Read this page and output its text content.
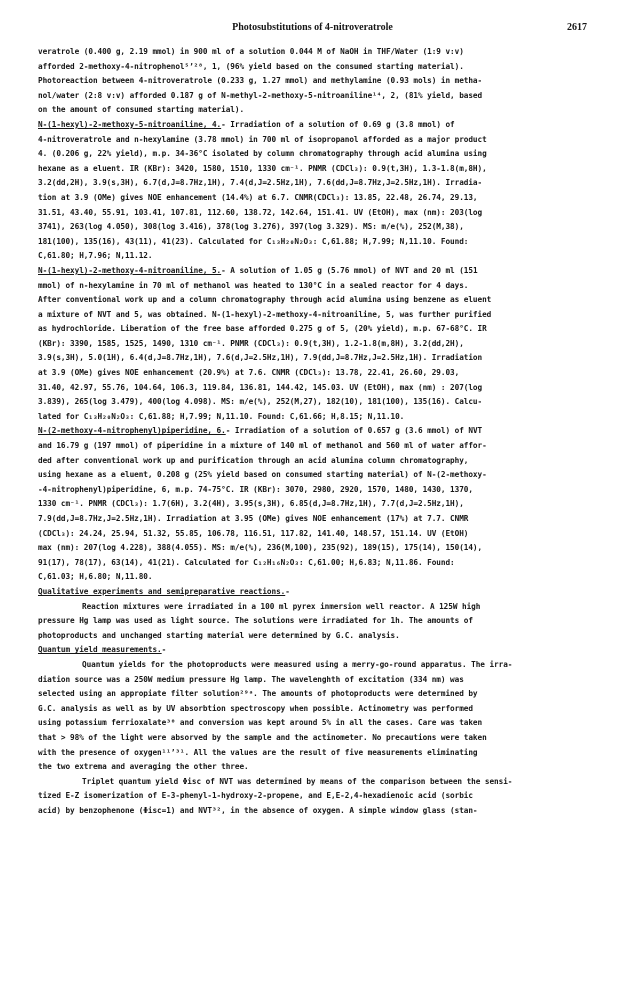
Photosubstitutions of 4-nitroveratrole	2617
veratrole (0.400 g, 2.19 mmol) in 900 ml of a solution 0.044 M of NaOH in THF/Water (1:9 v:v)
afforded 2-methoxy-4-nitrophenol⁵’²⁸, 1, (96% yield based on the consumed starting material).
Photoreaction between 4-nitroveratrole (0.233 g, 1.27 mmol) and methylamine (0.93 mols) in metha-
nol/water (2:8 v:v) afforded 0.187 g of N-methyl-2-methoxy-5-nitroaniline¹⁴, 2, (81% yield, based
on the amount of consumed starting material).
N-(1-hexyl)-2-methoxy-5-nitroaniline, 4.- Irradiation of a solution of 0.69 g (3.8 mmol) of
4-nitroveratrole and n-hexylamine (3.78 mmol) in 700 ml of isopropanol afforded as a major product
4. (0.206 g, 22% yield), m.p. 34-36°C isolated by column chromatography through acid alumina using
hexane as a eluent. IR (KBr): 3420, 1580, 1510, 1330 cm⁻¹. PNMR (CDCl₃): 0.9(t,3H), 1.3-1.8(m,8H),
3.2(dd,2H), 3.9(s,3H), 6.7(d,J=8.7Hz,1H), 7.4(d,J=2.5Hz,1H), 7.6(dd,J=8.7Hz,J=2.5Hz,1H). Irradia-
tion at 3.9 (OMe) gives NOE enhancement (14.4%) at 6.7. CNMR(CDCl₃): 13.85, 22.48, 26.74, 29.13,
31.51, 43.40, 55.91, 103.41, 107.81, 112.60, 138.72, 142.64, 151.41. UV (EtOH), max (nm): 203(log
3741), 263(log 4.050), 308(log 3.416), 378(log 3.276), 397(log 3.329). MS: m/e(%), 252(M,38),
181(100), 135(16), 43(11), 41(23). Calculated for C₁₃H₂₀N₂O₃: C,61.88; H,7.99; N,11.10. Found:
C,61.80; H,7.96; N,11.12.
N-(1-hexyl)-2-methoxy-4-nitroaniline, 5.- A solution of 1.05 g (5.76 mmol) of NVT and 20 ml (151
mmol) of n-hexylamine in 70 ml of methanol was heated to 130°C in a sealed reactor for 4 days.
After conventional work up and a column chromatography through acid alumina using benzene as eluent
a mixture of NVT and 5, was obtained. N-(1-hexyl)-2-methoxy-4-nitroaniline, 5, was further purified
as hydrochloride. Liberation of the free base afforded 0.275 g of 5, (20% yield), m.p. 67-68°C. IR
(KBr): 3390, 1585, 1525, 1490, 1310 cm⁻¹. PNMR (CDCl₃): 0.9(t,3H), 1.2-1.8(m,8H), 3.2(dd,2H),
3.9(s,3H), 5.0(1H), 6.4(d,J=8.7Hz,1H), 7.6(d,J=2.5Hz,1H), 7.9(dd,J=8.7Hz,J=2.5Hz,1H). Irradiation
at 3.9 (OMe) gives NOE enhancement (20.9%) at 7.6. CNMR (CDCl₃): 13.78, 22.41, 26.60, 29.03,
31.40, 42.97, 55.76, 104.64, 106.3, 119.84, 136.81, 144.42, 145.03. UV (EtOH), max (nm) : 207(log
3.839), 265(log 3.479), 400(log 4.098). MS: m/e(%), 252(M,27), 182(10), 181(100), 135(16). Calcu-
lated for C₁₃H₂₀N₂O₃: C,61.88; H,7.99; N,11.10. Found: C,61.66; H,8.15; N,11.10.
N-(2-methoxy-4-nitrophenyl)piperidine, 6.- Irradiation of a solution of 0.657 g (3.6 mmol) of NVT
and 16.79 g (197 mmol) of piperidine in a mixture of 140 ml of methanol and 560 ml of water affor-
ded after conventional work up and purification through an acid alumina column chromatography,
using hexane as a eluent, 0.208 g (25% yield based on consumed starting material) of N-(2-methoxy-
-4-nitrophenyl)piperidine, 6, m.p. 74-75°C. IR (KBr): 3070, 2980, 2920, 1570, 1480, 1430, 1370,
1330 cm⁻¹. PNMR (CDCl₃): 1.7(6H), 3.2(4H), 3.95(s,3H), 6.85(d,J=8.7Hz,1H), 7.7(d,J=2.5Hz,1H),
7.9(dd,J=8.7Hz,J=2.5Hz,1H). Irradiation at 3.95 (OMe) gives NOE enhancement (17%) at 7.7. CNMR
(CDCl₃): 24.24, 25.94, 51.32, 55.85, 106.78, 116.51, 117.82, 141.40, 148.57, 151.14. UV (EtOH)
max (nm): 207(log 4.228), 388(4.055). MS: m/e(%), 236(M,100), 235(92), 189(15), 175(14), 150(14),
91(17), 78(17), 63(14), 41(21). Calculated for C₁₂H₁₆N₂O₃: C,61.00; H,6.83; N,11.86. Found:
C,61.03; H,6.80; N,11.80.
Qualitative experiments and semipreparative reactions.-
Reaction mixtures were irradiated in a 100 ml pyrex inmersion well reactor. A 125W high
pressure Hg lamp was used as light source. The solutions were irradiated for 1h. The amounts of
photoproducts and unchanged starting material were determined by G.C. analysis.
Quantum yield measurements.-
Quantum yields for the photoproducts were measured using a merry-go-round apparatus. The irra-
diation source was a 250W medium pressure Hg lamp. The wavelenghth of excitation (334 nm) was
selected using an appropiate filter solution²⁹ᵃ. The amounts of photoproducts were determined by
G.C. analysis as well as by UV absorbtion spectroscopy when possible. Actinometry was performed
using potassium ferrioxalate³⁰ and conversion was kept around 5% in all the cases. Care was taken
that > 98% of the light were absorved by the sample and the actinometer. No precautions were taken
with the presence of oxygen¹¹’³¹. All the values are the result of five measurements eliminating
the two extrema and averaging the other three.
Triplet quantum yield Φisc of NVT was determined by means of the comparison between the sensi-
tized E-Z isomerization of E-3-phenyl-1-hydroxy-2-propene, and E,E-2,4-hexadienoic acid (sorbic
acid) by benzophenone (Φisc=1) and NVT³², in the absence of oxygen. A simple window glass (stan-
